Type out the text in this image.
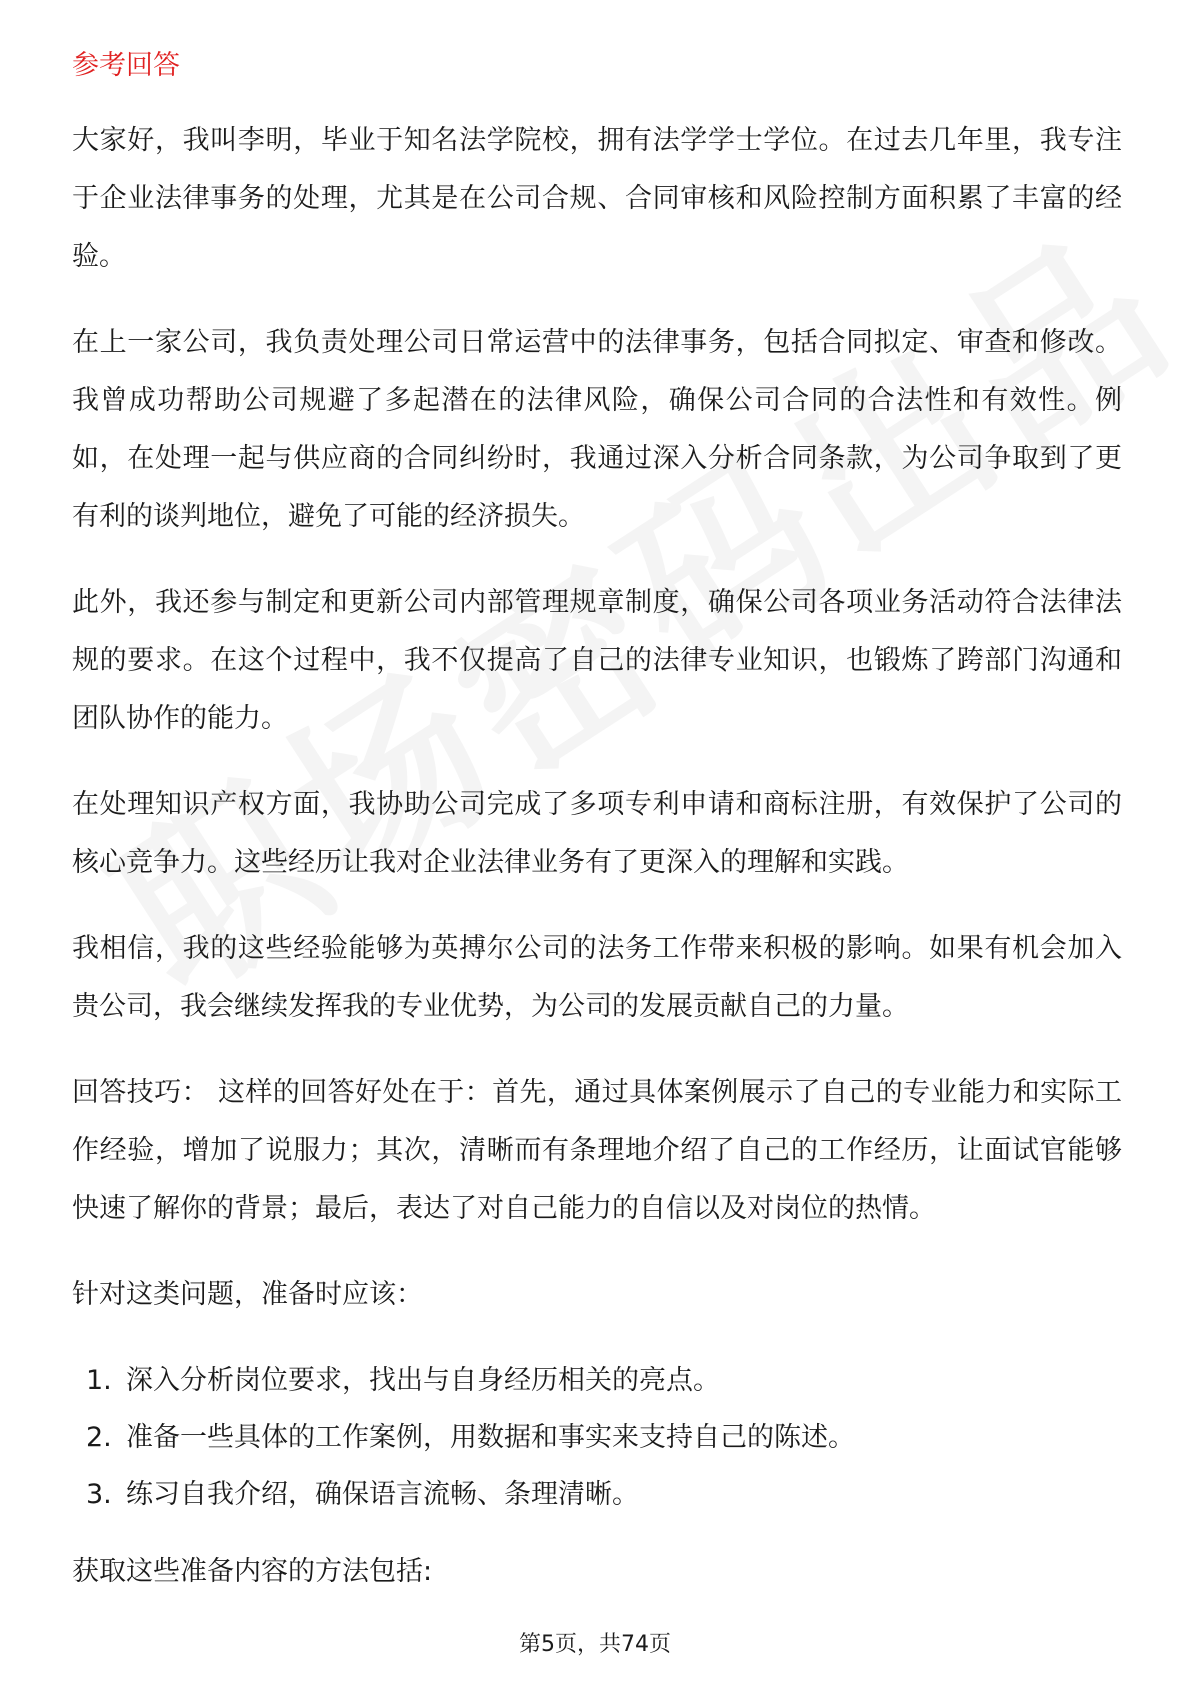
参考回答

大家好，我叫李明，毕业于知名法学院校，拥有法学学士学位。在过去几年里，我专注于企业法律事务的处理，尤其是在公司合规、合同审核和风险控制方面积累了丰富的经验。

在上一家公司，我负责处理公司日常运营中的法律事务，包括合同拟定、审查和修改。我曾成功帮助公司规避了多起潜在的法律风险，确保公司合同的合法性和有效性。例如，在处理一起与供应商的合同纠纷时，我通过深入分析合同条款，为公司争取到了更有利的谈判地位，避免了可能的经济损失。

此外，我还参与制定和更新公司内部管理规章制度，确保公司各项业务活动符合法律法规的要求。在这个过程中，我不仅提高了自己的法律专业知识，也锻炼了跨部门沟通和团队协作的能力。

在处理知识产权方面，我协助公司完成了多项专利申请和商标注册，有效保护了公司的核心竞争力。这些经历让我对企业法律业务有了更深入的理解和实践。

我相信，我的这些经验能够为英搏尔公司的法务工作带来积极的影响。如果有机会加入贵公司，我会继续发挥我的专业优势，为公司的发展贡献自己的力量。

回答技巧： 这样的回答好处在于：首先，通过具体案例展示了自己的专业能力和实际工作经验，增加了说服力；其次，清晰而有条理地介绍了自己的工作经历，让面试官能够快速了解你的背景；最后，表达了对自己能力的自信以及对岗位的热情。

针对这类问题，准备时应该：

1. 深入分析岗位要求，找出与自身经历相关的亮点。
2. 准备一些具体的工作案例，用数据和事实来支持自己的陈述。
3. 练习自我介绍，确保语言流畅、条理清晰。

获取这些准备内容的方法包括:

第5页，共74页
